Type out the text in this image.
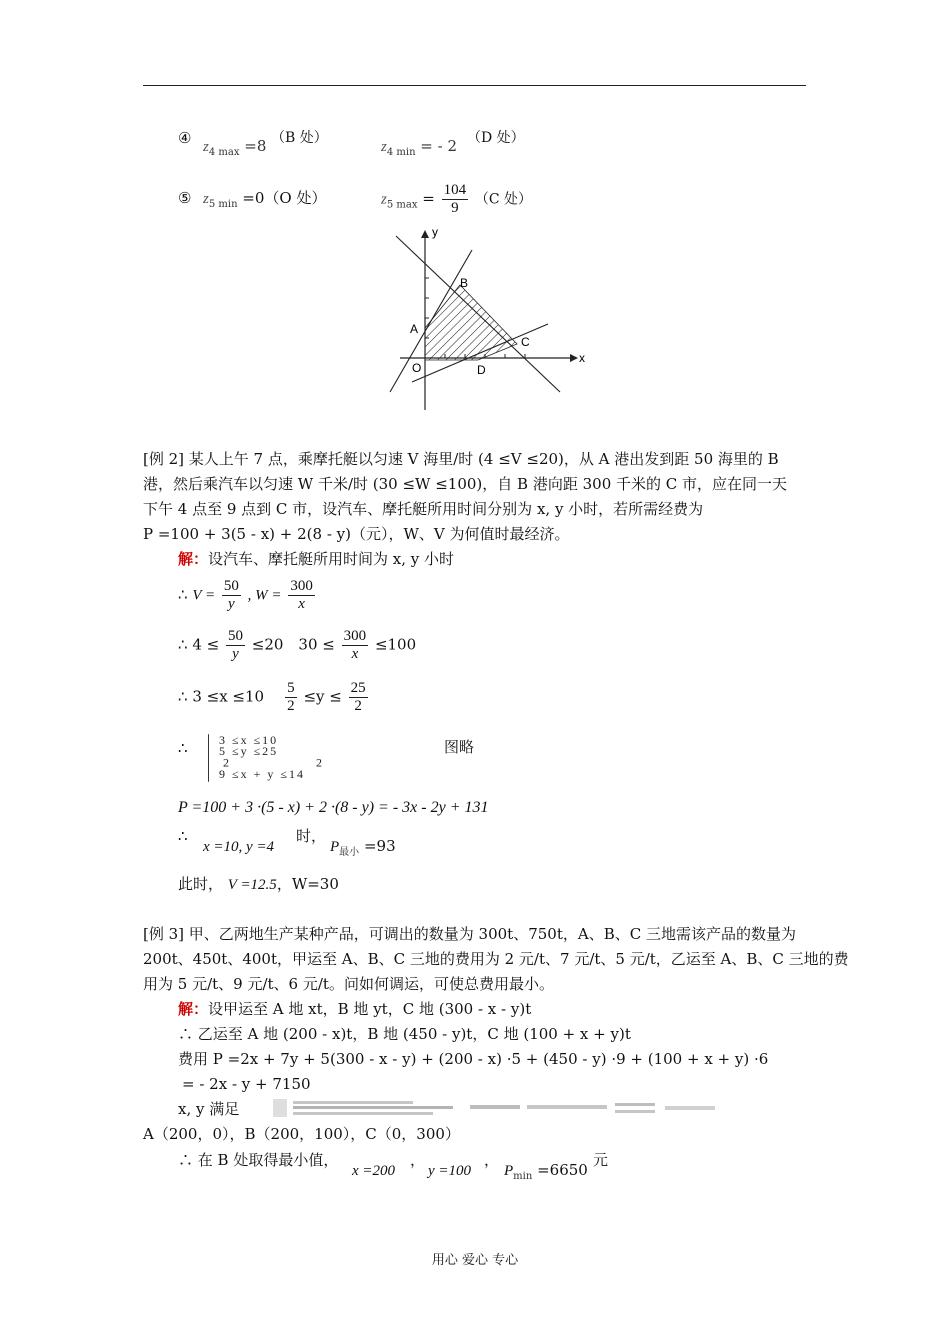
④ $z_{4 max} =8$ （B 处）
$z_{4 min}$ = - 2 （D 处）
⑤ $z_{5 min} =0(O$ 处）	$z_{5 max} = \frac{104}{9} (C$ 处）
y
x
A
B
C
D
O
[例 2] 某人上午 7 点，乘摩托艇以匀速 V 海里/时 (4 ≤V ≤20)，从 A 港出发到距 50 海里的 B
港，然后乘汽车以匀速 W 千米/时 (30 ≤W ≤100)，自 B 港向距 300 千米的 C 市，应在同一天
下午 4 点至 9 点到 C 市，设汽车、摩托艇所用时间分别为 x, y 小时，若所需经费为
P =100 + 3(5 - x) + 2(8 - y)（元），W、V 为何值时最经济。
解：设汽车、摩托艇所用时间为 x, y 小时
∴ $V = \frac{50}{y}$ , $W = \frac{300}{x}$
∴ $4 \le \frac{50}{y} \le 20$　$30 \le \frac{300}{x} \le 100$
∴ $3 \le x \le 10 \frac{5}{2} \le y \le \frac{25}{2}$
∴	3 ≤x ≤10
5 ≤y ≤25
2 2
9 ≤x + y ≤14
图略
P =100 + 3 ·(5 - x) + 2 ·(8 - y) = - 3x - 2y + 131
∴
x =10, y =4
时，
$P_{最小} =93$
此时， V =12.5，W=30
[例 3] 甲、乙两地生产某种产品，可调出的数量为 300t、750t，A、B、C 三地需该产品的数量为
200t、450t、400t，甲运至 A、B、C 三地的费用为 2 元/t、7 元/t、5 元/t，乙运至 A、B、C 三地的费
用为 5 元/t、9 元/t、6 元/t。问如何调运，可使总费用最小。
解：设甲运至 A 地 xt，B 地 yt，C 地 (300 - x - y)t
∴ 乙运至 A 地 (200 - x)t，B 地 (450 - y)t，C 地 (100 + x + y)t
费用 P =2x + 7y + 5(300 - x - y) + (200 - x) ·5 + (450 - y) ·9 + (100 + x + y) ·6
= - 2x - y + 7150
x, y 满足
A（200，0），B（200，100），C（0，300）
∴ 在 B 处取得最小值，
x =200
，
y =100
，
$P_{min} =6650$
元
用心 爱心 专心
